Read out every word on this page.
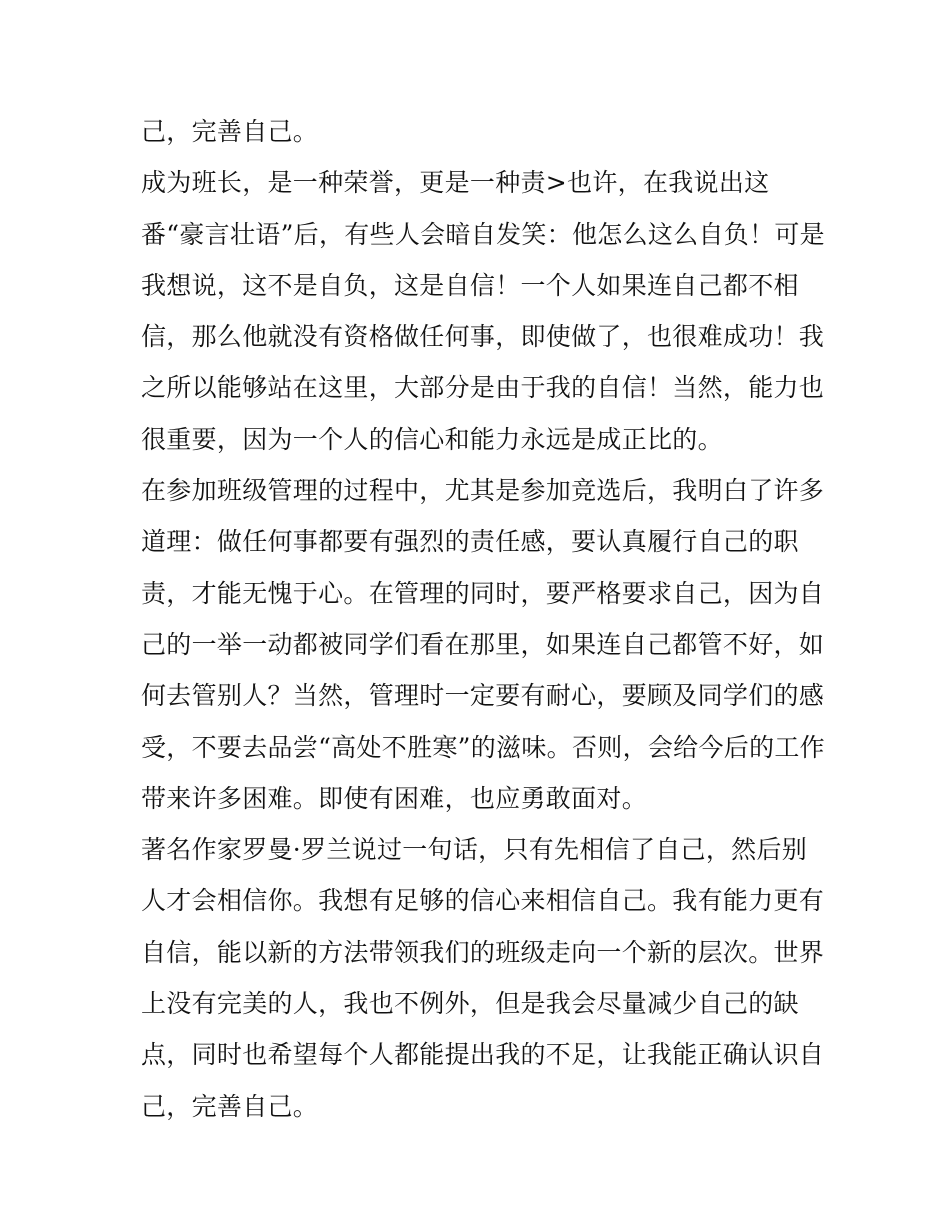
己，完善自己。
成为班长，是一种荣誉，更是一种责>也许，在我说出这
番“豪言壮语”后，有些人会暗自发笑：他怎么这么自负！可是
我想说，这不是自负，这是自信！一个人如果连自己都不相
信，那么他就没有资格做任何事，即使做了，也很难成功！我
之所以能够站在这里，大部分是由于我的自信！当然，能力也
很重要，因为一个人的信心和能力永远是成正比的。
在参加班级管理的过程中，尤其是参加竞选后，我明白了许多
道理：做任何事都要有强烈的责任感，要认真履行自己的职
责，才能无愧于心。在管理的同时，要严格要求自己，因为自
己的一举一动都被同学们看在那里，如果连自己都管不好，如
何去管别人？当然，管理时一定要有耐心，要顾及同学们的感
受，不要去品尝“高处不胜寒”的滋味。否则，会给今后的工作
带来许多困难。即使有困难，也应勇敢面对。
著名作家罗曼·罗兰说过一句话，只有先相信了自己，然后别
人才会相信你。我想有足够的信心来相信自己。我有能力更有
自信，能以新的方法带领我们的班级走向一个新的层次。世界
上没有完美的人，我也不例外，但是我会尽量减少自己的缺
点，同时也希望每个人都能提出我的不足，让我能正确认识自
己，完善自己。
